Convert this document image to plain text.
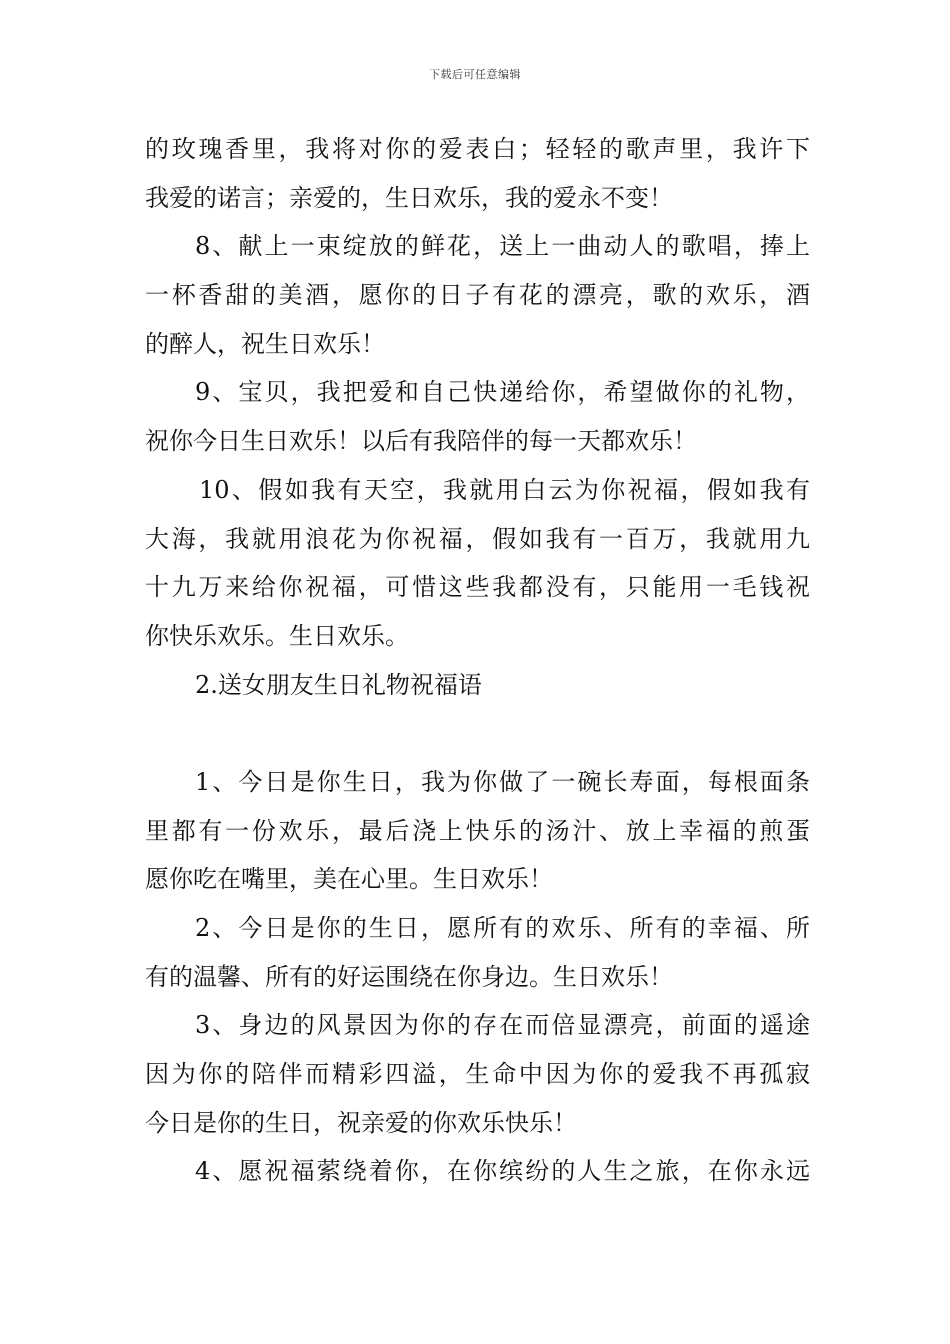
下载后可任意编辑
的玫瑰香里，我将对你的爱表白；轻轻的歌声里，我许下
我爱的诺言；亲爱的，生日欢乐，我的爱永不变！
8、献上一束绽放的鲜花，送上一曲动人的歌唱，捧上
一杯香甜的美酒，愿你的日子有花的漂亮，歌的欢乐，酒
的醉人，祝生日欢乐！
9、宝贝，我把爱和自己快递给你，希望做你的礼物，
祝你今日生日欢乐！以后有我陪伴的每一天都欢乐！
10、假如我有天空，我就用白云为你祝福，假如我有
大海，我就用浪花为你祝福，假如我有一百万，我就用九
十九万来给你祝福，可惜这些我都没有，只能用一毛钱祝
你快乐欢乐。生日欢乐。
2.送女朋友生日礼物祝福语
1、今日是你生日，我为你做了一碗长寿面，每根面条
里都有一份欢乐，最后浇上快乐的汤汁、放上幸福的煎蛋
愿你吃在嘴里，美在心里。生日欢乐！
2、今日是你的生日，愿所有的欢乐、所有的幸福、所
有的温馨、所有的好运围绕在你身边。生日欢乐！
3、身边的风景因为你的存在而倍显漂亮，前面的遥途
因为你的陪伴而精彩四溢，生命中因为你的爱我不再孤寂
今日是你的生日，祝亲爱的你欢乐快乐！
4、愿祝福萦绕着你，在你缤纷的人生之旅，在你永远
